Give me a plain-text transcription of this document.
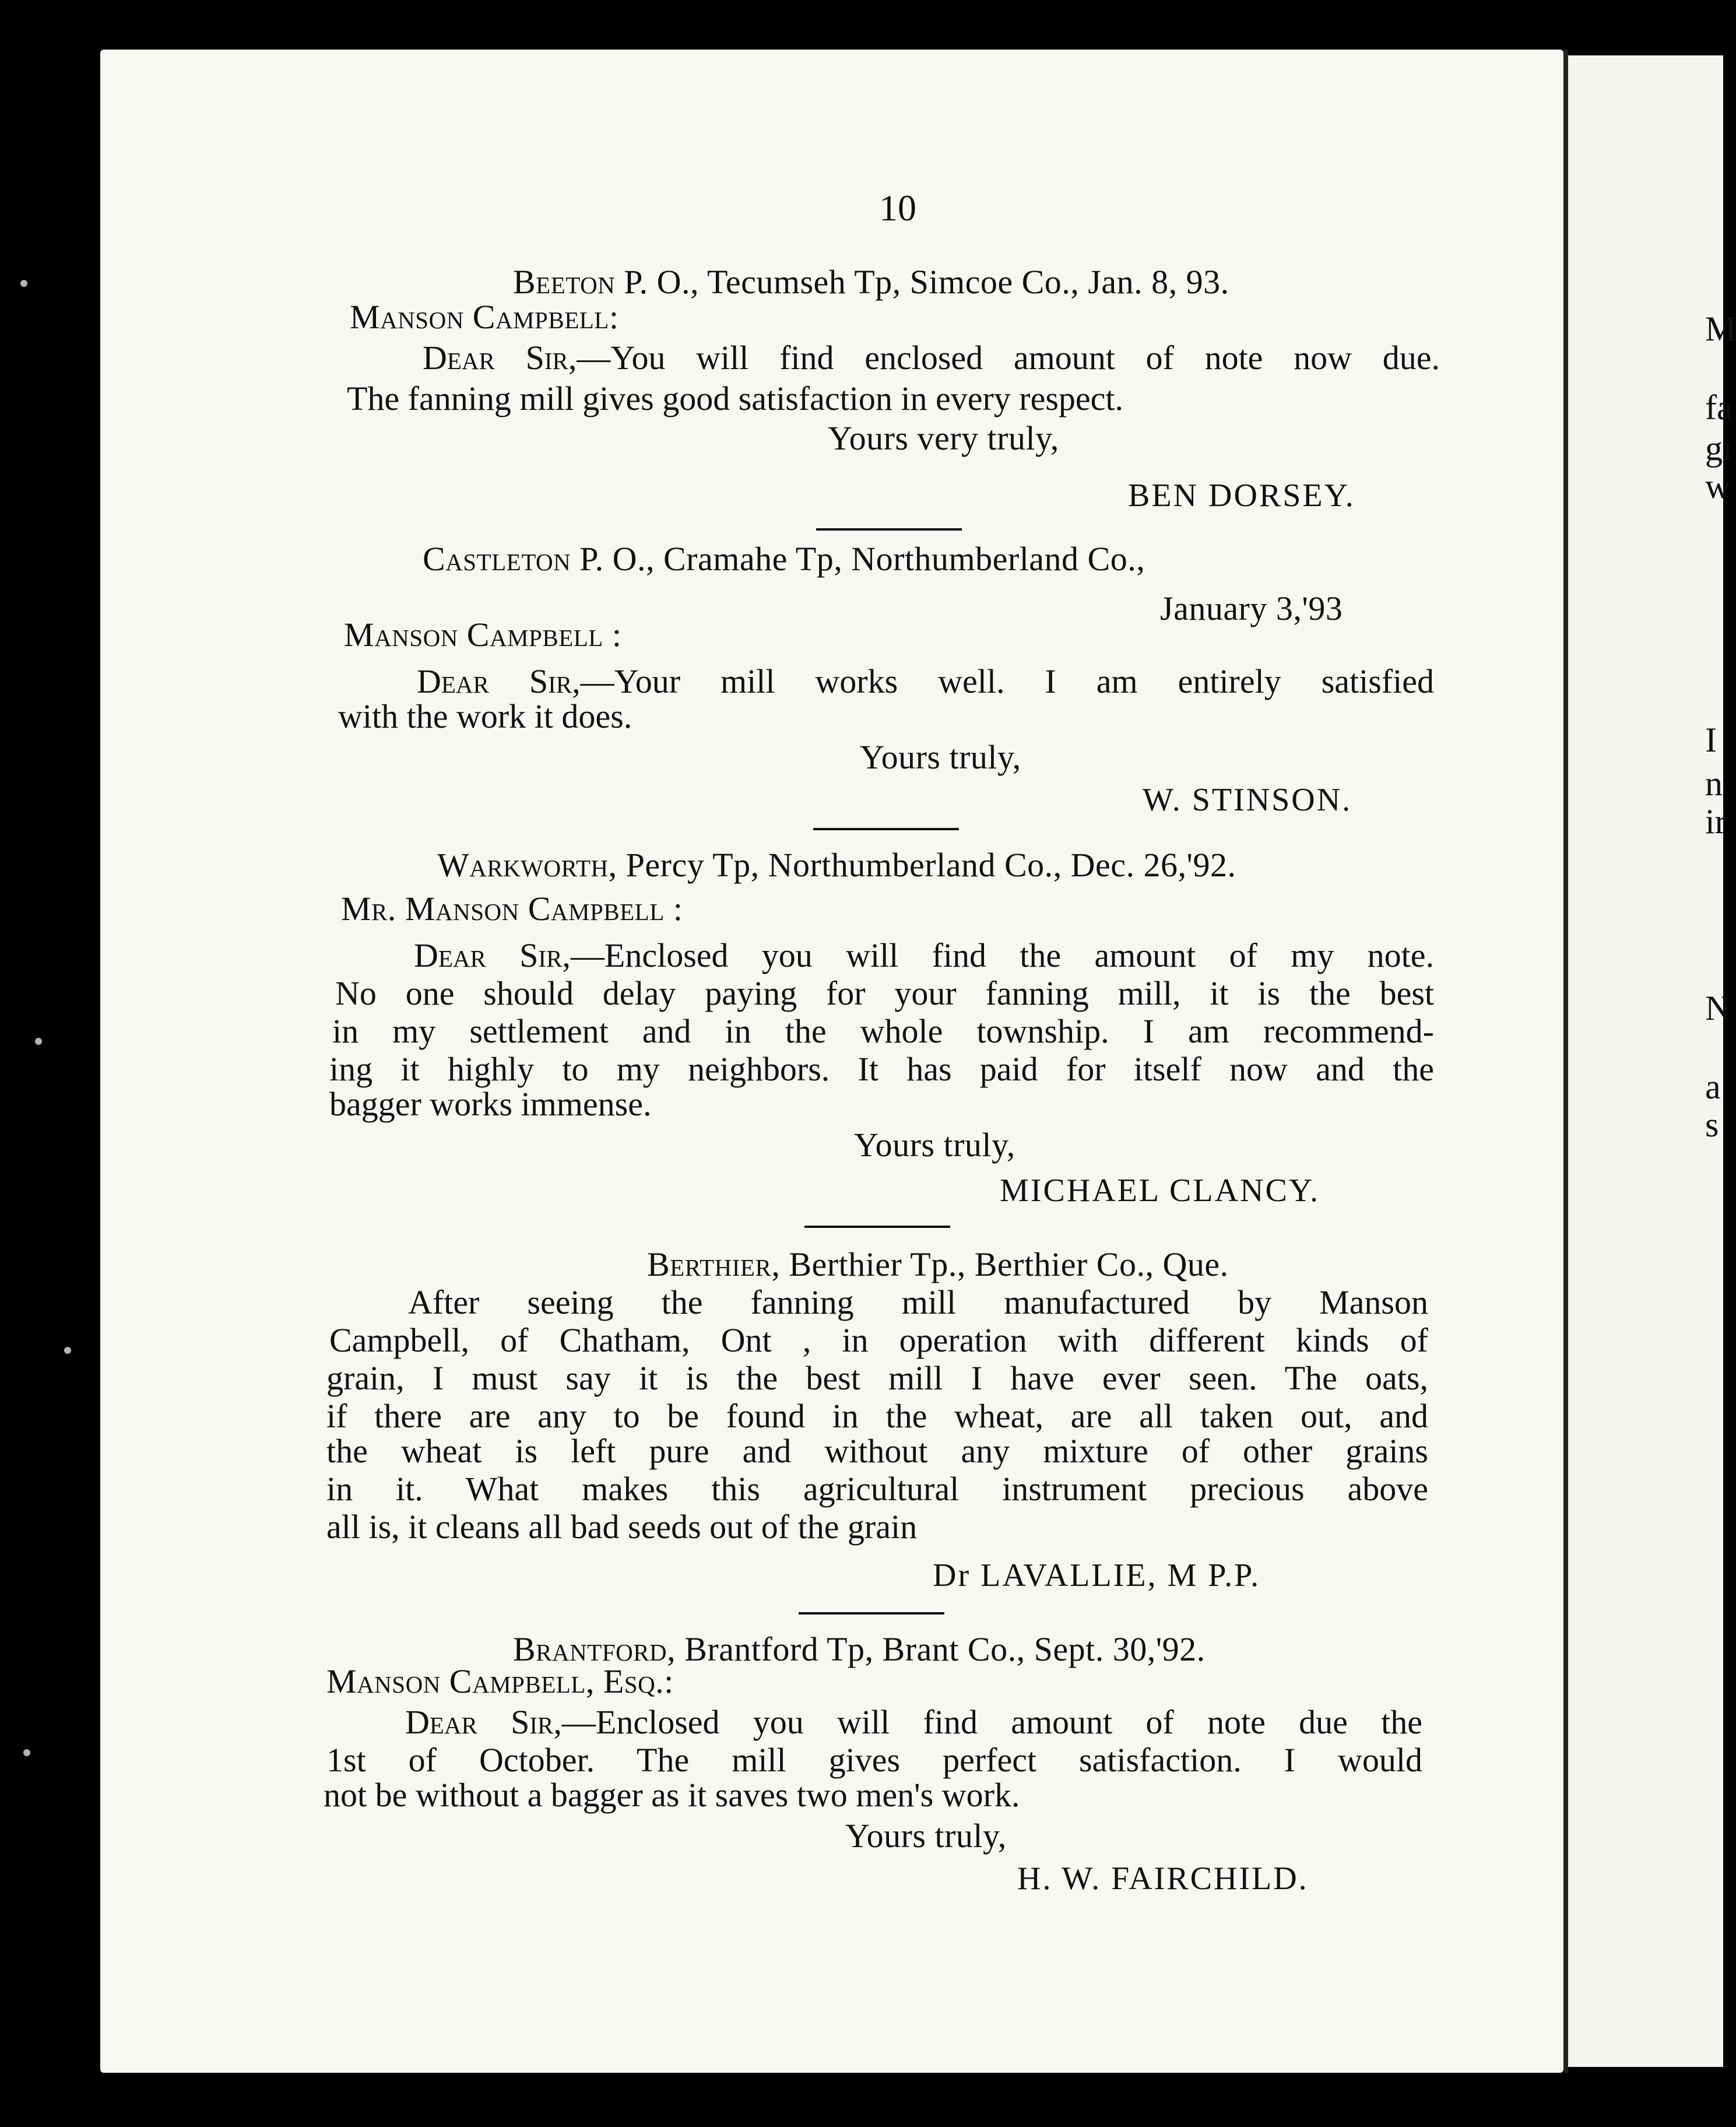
10
Beeton P. O., Tecumseh Tp, Simcoe Co., Jan. 8, 93.
Manson Campbell:
Dear Sir,—You will find enclosed amount of note now due.
The fanning mill gives good satisfaction in every respect.
Yours very truly,
BEN DORSEY.
Castleton P. O., Cramahe Tp, Northumberland Co.,
January 3,'93
Manson Campbell :
Dear Sir,—Your mill works well. I am entirely satisfied
with the work it does.
Yours truly,
W. STINSON.
Warkworth, Percy Tp, Northumberland Co., Dec. 26,'92.
Mr. Manson Campbell :
Dear Sir,—Enclosed you will find the amount of my note.
No one should delay paying for your fanning mill, it is the best
in my settlement and in the whole township. I am recommend-
ing it highly to my neighbors. It has paid for itself now and the
bagger works immense.
Yours truly,
MICHAEL CLANCY.
Berthier, Berthier Tp., Berthier Co., Que.
After seeing the fanning mill manufactured by Manson
Campbell, of Chatham, Ont , in operation with different kinds of
grain, I must say it is the best mill I have ever seen. The oats,
if there are any to be found in the wheat, are all taken out, and
the wheat is left pure and without any mixture of other grains
in it. What makes this agricultural instrument precious above
all is, it cleans all bad seeds out of the grain
Dr LAVALLIE, M P.P.
Brantford, Brantford Tp, Brant Co., Sept. 30,'92.
Manson Campbell, Esq.:
Dear Sir,—Enclosed you will find amount of note due the
1st of October. The mill gives perfect satisfaction. I would
not be without a bagger as it saves two men's work.
Yours truly,
H. W. FAIRCHILD.
M
fa
gı
w
I
n
ir
N
a
s
